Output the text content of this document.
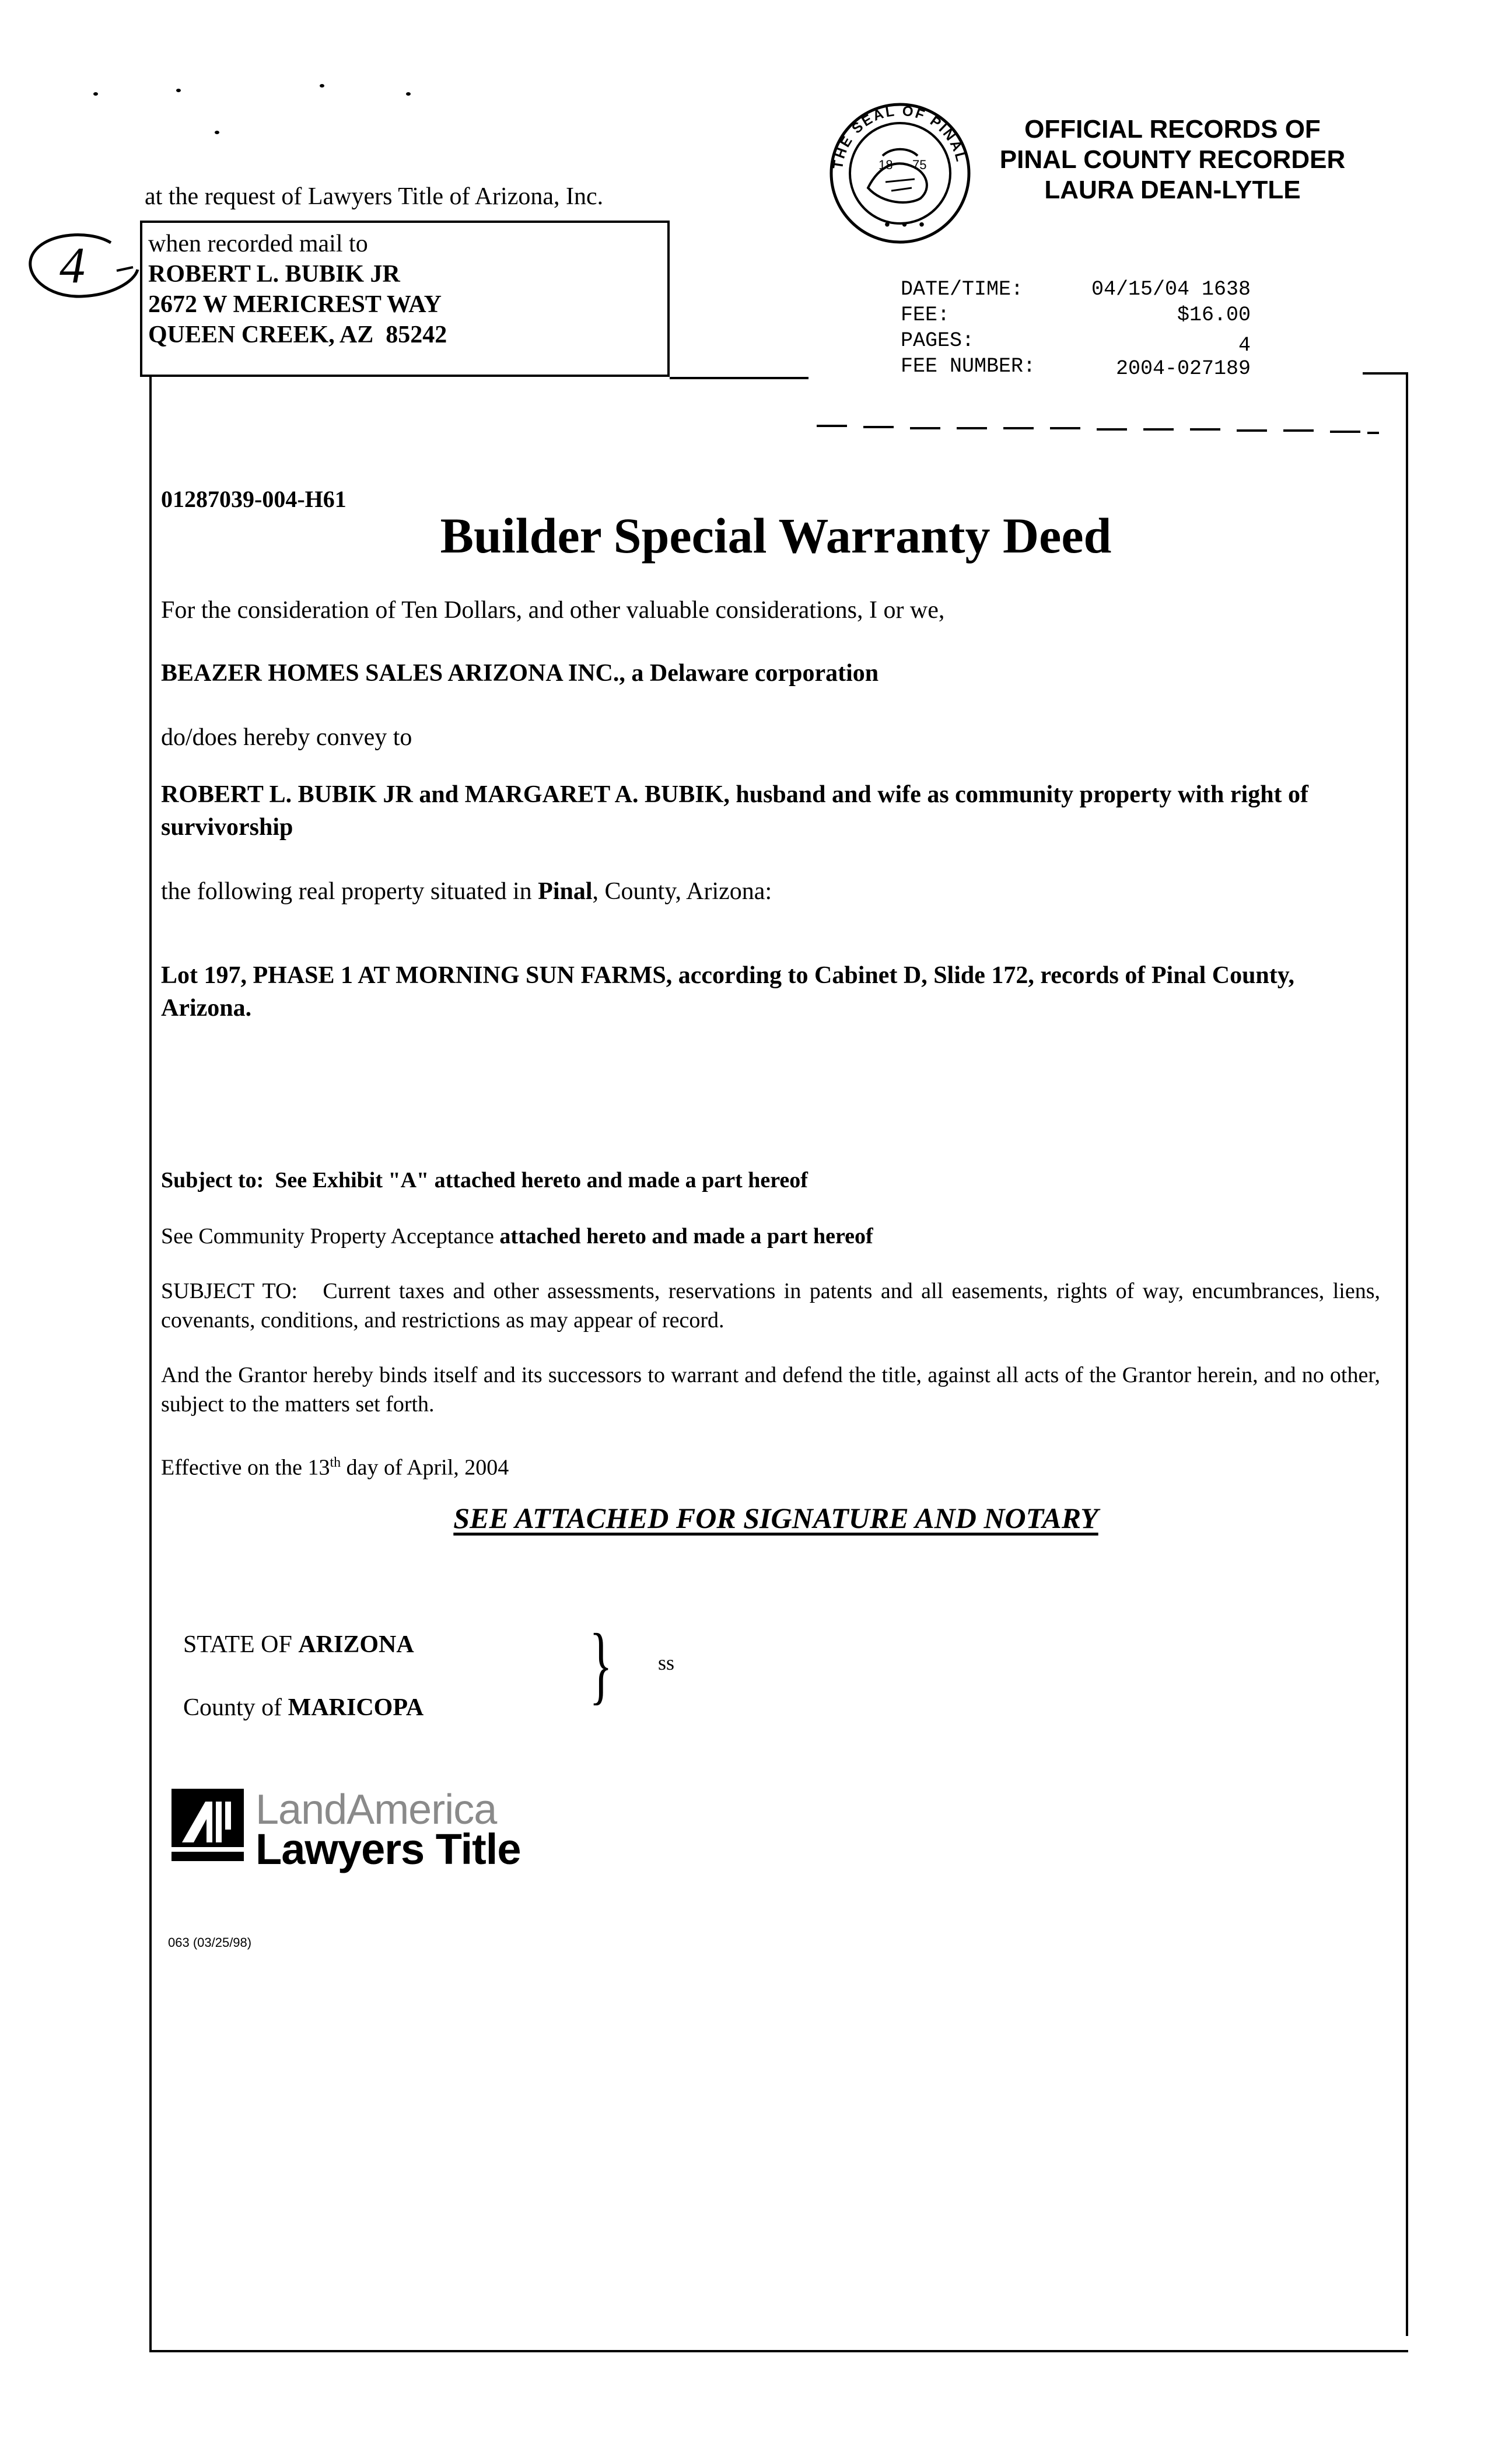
4
at the request of Lawyers Title of Arizona, Inc.
when recorded mail to
ROBERT L. BUBIK JR
2672 W MERICREST WAY
QUEEN CREEK, AZ  85242
THE SEAL OF PINAL
18 75
• • •
OFFICIAL RECORDS OF
PINAL COUNTY RECORDER
LAURA DEAN-LYTLE
DATE/TIME:	04/15/04 1638
FEE:	$16.00
PAGES:	4
FEE NUMBER:	2004-027189
01287039-004-H61
Builder Special Warranty Deed
For the consideration of Ten Dollars, and other valuable considerations, I or we,
BEAZER HOMES SALES ARIZONA INC., a Delaware corporation
do/does hereby convey to
ROBERT L. BUBIK JR and MARGARET A. BUBIK, husband and wife as community property with right of survivorship
the following real property situated in Pinal, County, Arizona:
Lot 197, PHASE 1 AT MORNING SUN FARMS, according to Cabinet D, Slide 172, records of Pinal County, Arizona.
Subject to:  See Exhibit "A" attached hereto and made a part hereof
See Community Property Acceptance attached hereto and made a part hereof
SUBJECT TO: Current taxes and other assessments, reservations in patents and all easements, rights of way, encumbrances, liens, covenants, conditions, and restrictions as may appear of record.
And the Grantor hereby binds itself and its successors to warrant and defend the title, against all acts of the Grantor herein, and no other, subject to the matters set forth.
Effective on the 13th day of April, 2004
SEE ATTACHED FOR SIGNATURE AND NOTARY
STATE OF ARIZONA
County of MARICOPA } ss
LandAmerica
Lawyers Title
063 (03/25/98)
